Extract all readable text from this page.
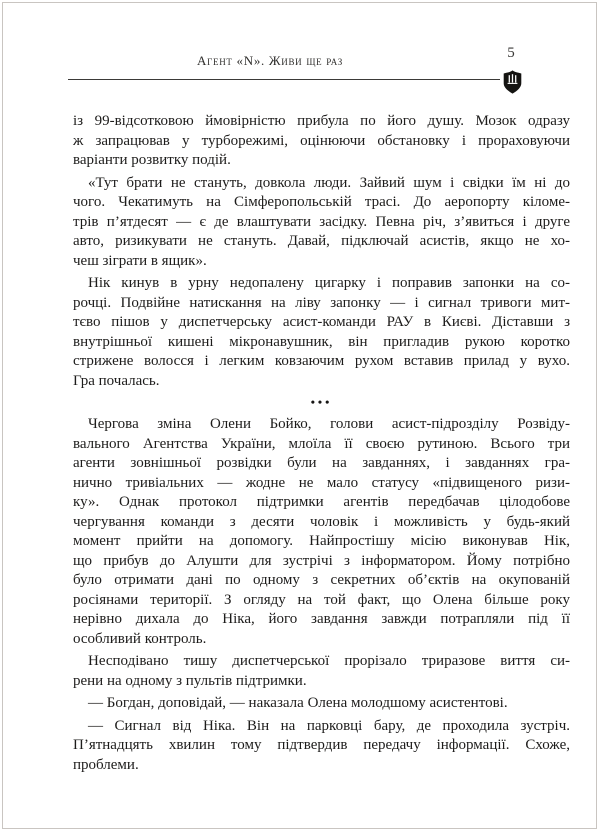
Агент «N». Живи ще раз	5
із 99-відсотковою ймовірністю прибула по його душу. Мозок одразу
ж запрацював у турборежимі, оцінюючи обстановку і прораховуючи
варіанти розвитку подій.
«Тут брати не стануть, довкола люди. Зайвий шум і свідки їм ні до
чого. Чекатимуть на Сімферопольській трасі. До аеропорту кіломе-
трів п’ятдесят — є де влаштувати засідку. Певна річ, з’явиться і друге
авто, ризикувати не стануть. Давай, підключай асистів, якщо не хо-
чеш зіграти в ящик».
Нік кинув в урну недопалену цигарку і поправив запонки на со-
рочці. Подвійне натискання на ліву запонку — і сигнал тривоги мит-
тєво пішов у диспетчерську асист-команди РАУ в Києві. Діставши з
внутрішньої кишені мікронавушник, він пригладив рукою коротко
стрижене волосся і легким ковзаючим рухом вставив прилад у вухо.
Гра почалась.
•••
Чергова зміна Олени Бойко, голови асист-підрозділу Розвіду-
вального Агентства України, млоїла її своєю рутиною. Всього три
агенти зовнішньої розвідки були на завданнях, і завданнях гра-
нично тривіальних — жодне не мало статусу «підвищеного ризи-
ку». Однак протокол підтримки агентів передбачав цілодобове
чергування команди з десяти чоловік і можливість у будь-який
момент прийти на допомогу. Найпростішу місію виконував Нік,
що прибув до Алушти для зустрічі з інформатором. Йому потрібно
було отримати дані по одному з секретних об’єктів на окупованій
росіянами території. З огляду на той факт, що Олена більше року
нерівно дихала до Ніка, його завдання завжди потрапляли під її
особливий контроль.
Несподівано тишу диспетчерської прорізало триразове виття си-
рени на одному з пультів підтримки.
— Богдан, доповідай, — наказала Олена молодшому асистентові.
— Сигнал від Ніка. Він на парковці бару, де проходила зустріч.
П’ятнадцять хвилин тому підтвердив передачу інформації. Схоже,
проблеми.
